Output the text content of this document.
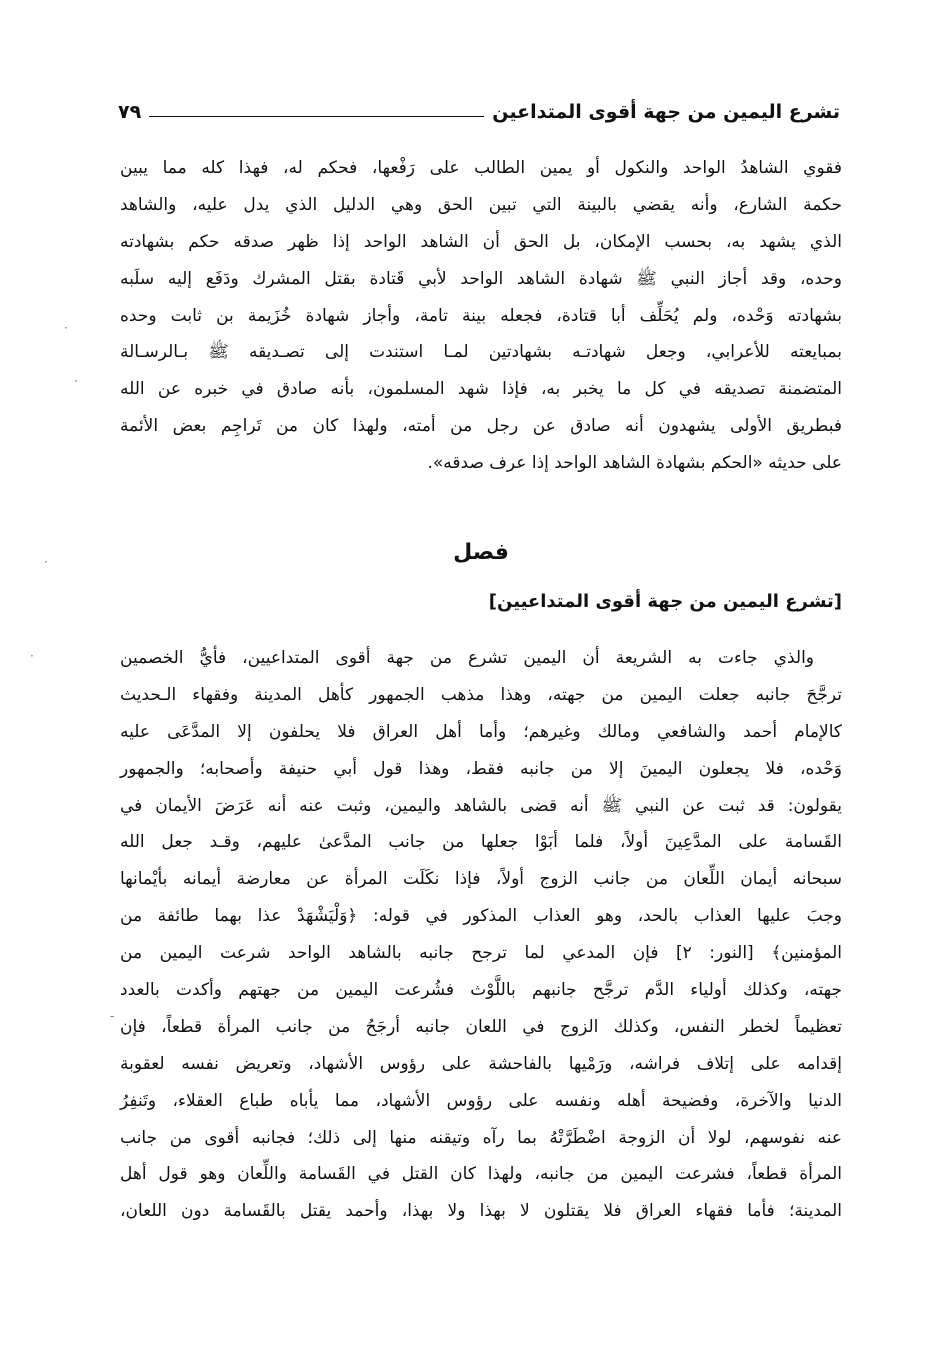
تشرع اليمين من جهة أقوى المتداعين
٧٩
فقوي الشاهدُ الواحد والنكول أو يمين الطالب على رَفْعها، فحكم له، فهذا كله مما يبين
حكمة الشارع، وأنه يقضي بالبينة التي تبين الحق وهي الدليل الذي يدل عليه، والشاهد
الذي يشهد به، بحسب الإمكان، بل الحق أن الشاهد الواحد إذا ظهر صدقه حكم بشهادته
وحده، وقد أجاز النبي ﷺ شهادة الشاهد الواحد لأبي قَتادة بقتل المشرك ودَفَع إليه سلَبه
بشهادته وَحْده، ولم يُحَلِّف أبا قتادة، فجعله بينة تامة، وأجاز شهادة خُزَيمة بن ثابت وحده
بمبايعته للأعرابي، وجعل شهادتـه بشهادتين لمـا استندت إلى تصـديقه ﷺ بـالرسـالة
المتضمنة تصديقه في كل ما يخبر به، فإذا شهد المسلمون، بأنه صادق في خبره عن الله
فبطريق الأولى يشهدون أنه صادق عن رجل من أمته، ولهذا كان من تَراجِم بعض الأئمة
على حديثه «الحكم بشهادة الشاهد الواحد إذا عرف صدقه».
فصل
[تشرع اليمين من جهة أقوى المتداعيين]
والذي جاءت به الشريعة أن اليمين تشرع من جهة أقوى المتداعيين، فأيُّ الخصمين
ترجَّحَ جانبه جعلت اليمين من جهته، وهذا مذهب الجمهور كأهل المدينة وفقهاء الـحديث
كالإمام أحمد والشافعي ومالك وغيرهم؛ وأما أهل العراق فلا يحلفون إلا المدَّعَى عليه
وَحْده، فلا يجعلون اليمينَ إلا من جانبه فقط، وهذا قول أبي حنيفة وأصحابه؛ والجمهور
يقولون: قد ثبت عن النبي ﷺ أنه قضى بالشاهد واليمين، وثبت عنه أنه عَرَضَ الأيمان في
القَسامة على المدَّعِينَ أولاً، فلما أبَوْا جعلها من جانب المدَّعىٰ عليهم، وقـد جعل الله
سبحانه أيمان اللِّعان من جانب الزوج أولاً، فإذا نكَلَت المرأة عن معارضة أيمانه بأيْمانها
وجبَ عليها العذاب بالحد، وهو العذاب المذكور في قوله: ﴿وَلْيَشْهَدْ عذا بهما طائفة من
المؤمنين﴾ [النور: ٢] فإن المدعي لما ترجح جانبه بالشاهد الواحد شرعت اليمين من
جهته، وكذلك أولياء الدَّم ترجَّح جانبهم باللَّوْث فشُرعت اليمين من جهتهم وأكدت بالعدد
تعظيماً لخطر النفس، وكذلك الزوج في اللعان جانبه أرجَحُ من جانب المرأة قطعاً، فإن
إقدامه على إتلاف فراشه، ورَمْيها بالفاحشة على رؤوس الأشهاد، وتعريض نفسه لعقوبة
الدنيا والآخرة، وفضيحة أهله ونفسه على رؤوس الأشهاد، مما يأباه طباع العقلاء، وتَنفِرُ
عنه نفوسهم، لولا أن الزوجة اضْطَرَّتْهُ بما رآه وتيقنه منها إلى ذلك؛ فجانبه أقوى من جانب
المرأة قطعاً، فشرعت اليمين من جانبه، ولهذا كان القتل في القَسامة واللِّعان وهو قول أهل
المدينة؛ فأما فقهاء العراق فلا يقتلون لا بهذا ولا بهذا، وأحمد يقتل بالقَسامة دون اللعان،
·
·
·
·
-
